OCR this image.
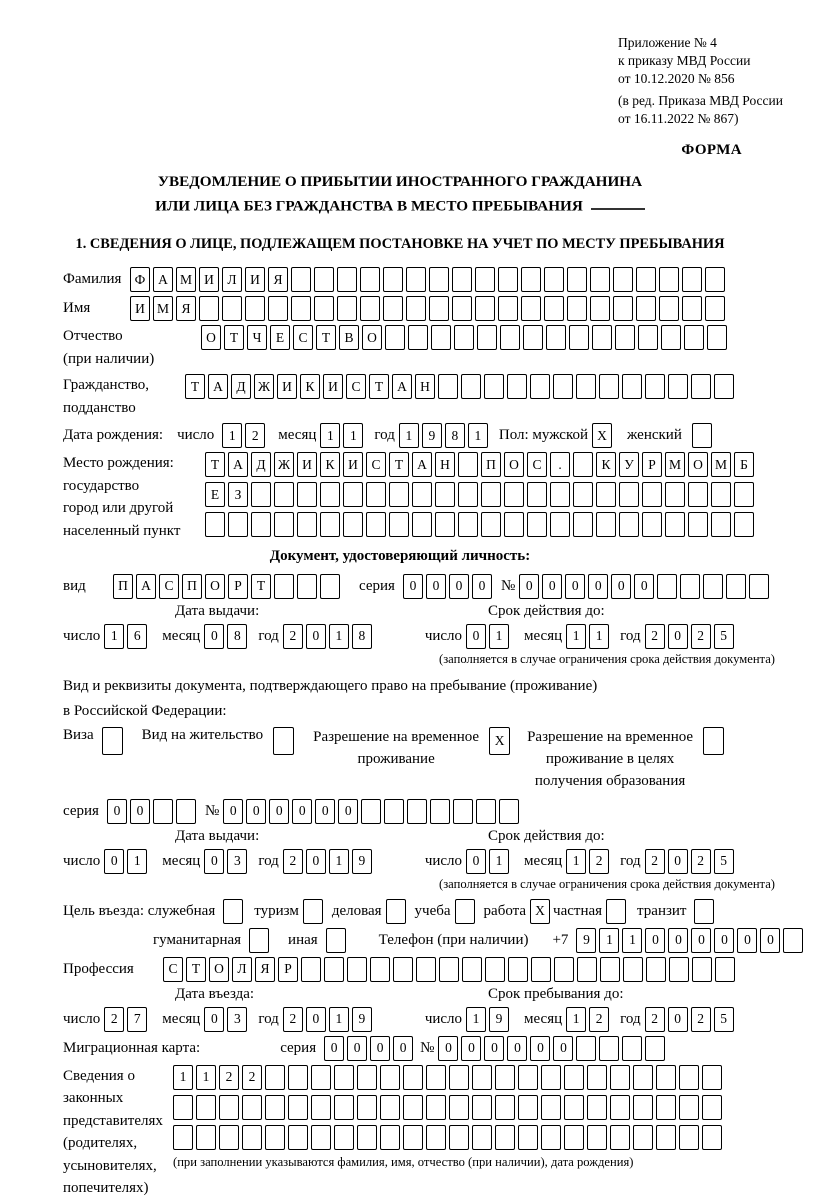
Приложение № 4
к приказу МВД России
от 10.12.2020 № 856
(в ред. Приказа МВД России
от 16.11.2022 № 867)
ФОРМА
УВЕДОМЛЕНИЕ О ПРИБЫТИИ ИНОСТРАННОГО ГРАЖДАНИНА
ИЛИ ЛИЦА БЕЗ ГРАЖДАНСТВА В МЕСТО ПРЕБЫВАНИЯ
1. СВЕДЕНИЯ О ЛИЦЕ, ПОДЛЕЖАЩЕМ ПОСТАНОВКЕ НА УЧЕТ ПО МЕСТУ ПРЕБЫВАНИЯ
Фамилия Ф А М И	Л	И	Я
Имя	И М Я
Отчество
(при наличии)
О	Т	Ч	Е	С	Т	В	О
Гражданство,
подданство
Т	А	Д Ж И	К	И	С	Т	А Н
Дата рождения: число	1	2	месяц 1	1	год 1	9	8	1	Пол: мужской X	женский
Место рождения:
государство
город или другой
населенный пункт
Т	А	Д Ж И	К	И	С	Т	А Н	П О	С	.	К	У	Р М О М Б
Е	З
Документ, удостоверяющий личность:
вид	П А	С	П О	Р	Т	серия	0	0	0	0	№ 0	0	0	0	0	0
Дата выдачи:	Срок действия до:
число 1	6	месяц 0	8	год 2	0	1	8	число 0	1	месяц 1	1	год 2	0	2	5
(заполняется в случае ограничения срока действия документа)
Вид и реквизиты документа, подтверждающего право на пребывание (проживание)
в Российской Федерации:
Виза	Вид на жительство	Разрешение на временное
проживание
X	Разрешение на временное
проживание в целях
получения образования
серия	0	0	№ 0	0	0	0	0	0
Дата выдачи:	Срок действия до:
число 0	1	месяц 0	3	год 2	0	1	9	число 0	1	месяц 1	2	год 2	0	2	5
(заполняется в случае ограничения срока действия документа)
Цель въезда: служебная	туризм деловая учеба работа X частная транзит
гуманитарная	иная	Телефон (при наличии) +7	9	1	1	0	0	0	0	0	0
Профессия	С	Т	О	Л	Я	Р
Дата въезда:	Срок пребывания до:
число 2	7	месяц 0	3	год 2	0	1	9	число 1	9	месяц 1	2	год 2	0	2	5
Миграционная карта:	серия	0	0	0	0 № 0	0	0	0	0	0
Сведения о
законных
представителях
(родителях,
усыновителях,
попечителях)
1	1	2	2
(при заполнении указываются фамилия, имя, отчество (при наличии), дата рождения)
